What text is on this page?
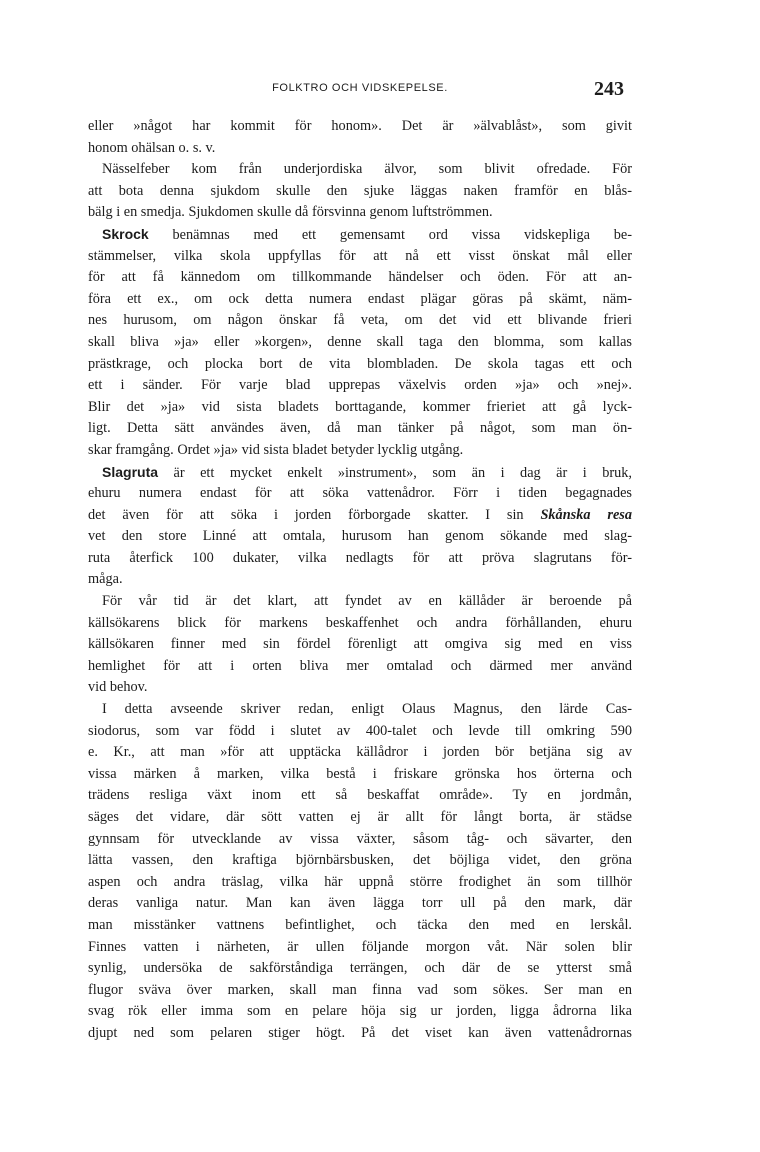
FOLKTRO OCH VIDSKEPELSE.	243
eller »något har kommit för honom». Det är »älvablåst», som givit
honom ohälsan o. s. v.
Nässelfeber kom från underjordiska älvor, som blivit ofredade. För
att bota denna sjukdom skulle den sjuke läggas naken framför en blås-
bälg i en smedja. Sjukdomen skulle då försvinna genom luftströmmen.
Skrock benämnas med ett gemensamt ord vissa vidskepliga be-
stämmelser, vilka skola uppfyllas för att nå ett visst önskat mål eller
för att få kännedom om tillkommande händelser och öden. För att an-
föra ett ex., om ock detta numera endast plägar göras på skämt, näm-
nes hurusom, om någon önskar få veta, om det vid ett blivande frieri
skall bliva »ja» eller »korgen», denne skall taga den blomma, som kallas
prästkrage, och plocka bort de vita blombladen. De skola tagas ett och
ett i sänder. För varje blad upprepas växelvis orden »ja» och »nej».
Blir det »ja» vid sista bladets borttagande, kommer frieriet att gå lyck-
ligt. Detta sätt användes även, då man tänker på något, som man ön-
skar framgång. Ordet »ja» vid sista bladet betyder lycklig utgång.
Slagruta är ett mycket enkelt »instrument», som än i dag är i bruk,
ehuru numera endast för att söka vattenådror. Förr i tiden begagnades
det även för att söka i jorden förborgade skatter. I sin Skånska resa
vet den store Linné att omtala, hurusom han genom sökande med slag-
ruta återfick 100 dukater, vilka nedlagts för att pröva slagrutans för-
måga.
För vår tid är det klart, att fyndet av en källåder är beroende på
källsökarens blick för markens beskaffenhet och andra förhållanden, ehuru
källsökaren finner med sin fördel förenligt att omgiva sig med en viss
hemlighet för att i orten bliva mer omtalad och därmed mer använd
vid behov.
I detta avseende skriver redan, enligt Olaus Magnus, den lärde Cas-
siodorus, som var född i slutet av 400-talet och levde till omkring 590
e. Kr., att man »för att upptäcka källådror i jorden bör betjäna sig av
vissa märken å marken, vilka bestå i friskare grönska hos örterna och
trädens resliga växt inom ett så beskaffat område». Ty en jordmån,
säges det vidare, där sött vatten ej är allt för långt borta, är städse
gynnsam för utvecklande av vissa växter, såsom tåg- och sävarter, den
lätta vassen, den kraftiga björnbärsbusken, det böjliga videt, den gröna
aspen och andra träslag, vilka här uppnå större frodighet än som tillhör
deras vanliga natur. Man kan även lägga torr ull på den mark, där
man misstänker vattnens befintlighet, och täcka den med en lerskål.
Finnes vatten i närheten, är ullen följande morgon våt. När solen blir
synlig, undersöka de sakförståndiga terrängen, och där de se ytterst små
flugor sväva över marken, skall man finna vad som sökes. Ser man en
svag rök eller imma som en pelare höja sig ur jorden, ligga ådrorna lika
djupt ned som pelaren stiger högt. På det viset kan även vattenådrornas
